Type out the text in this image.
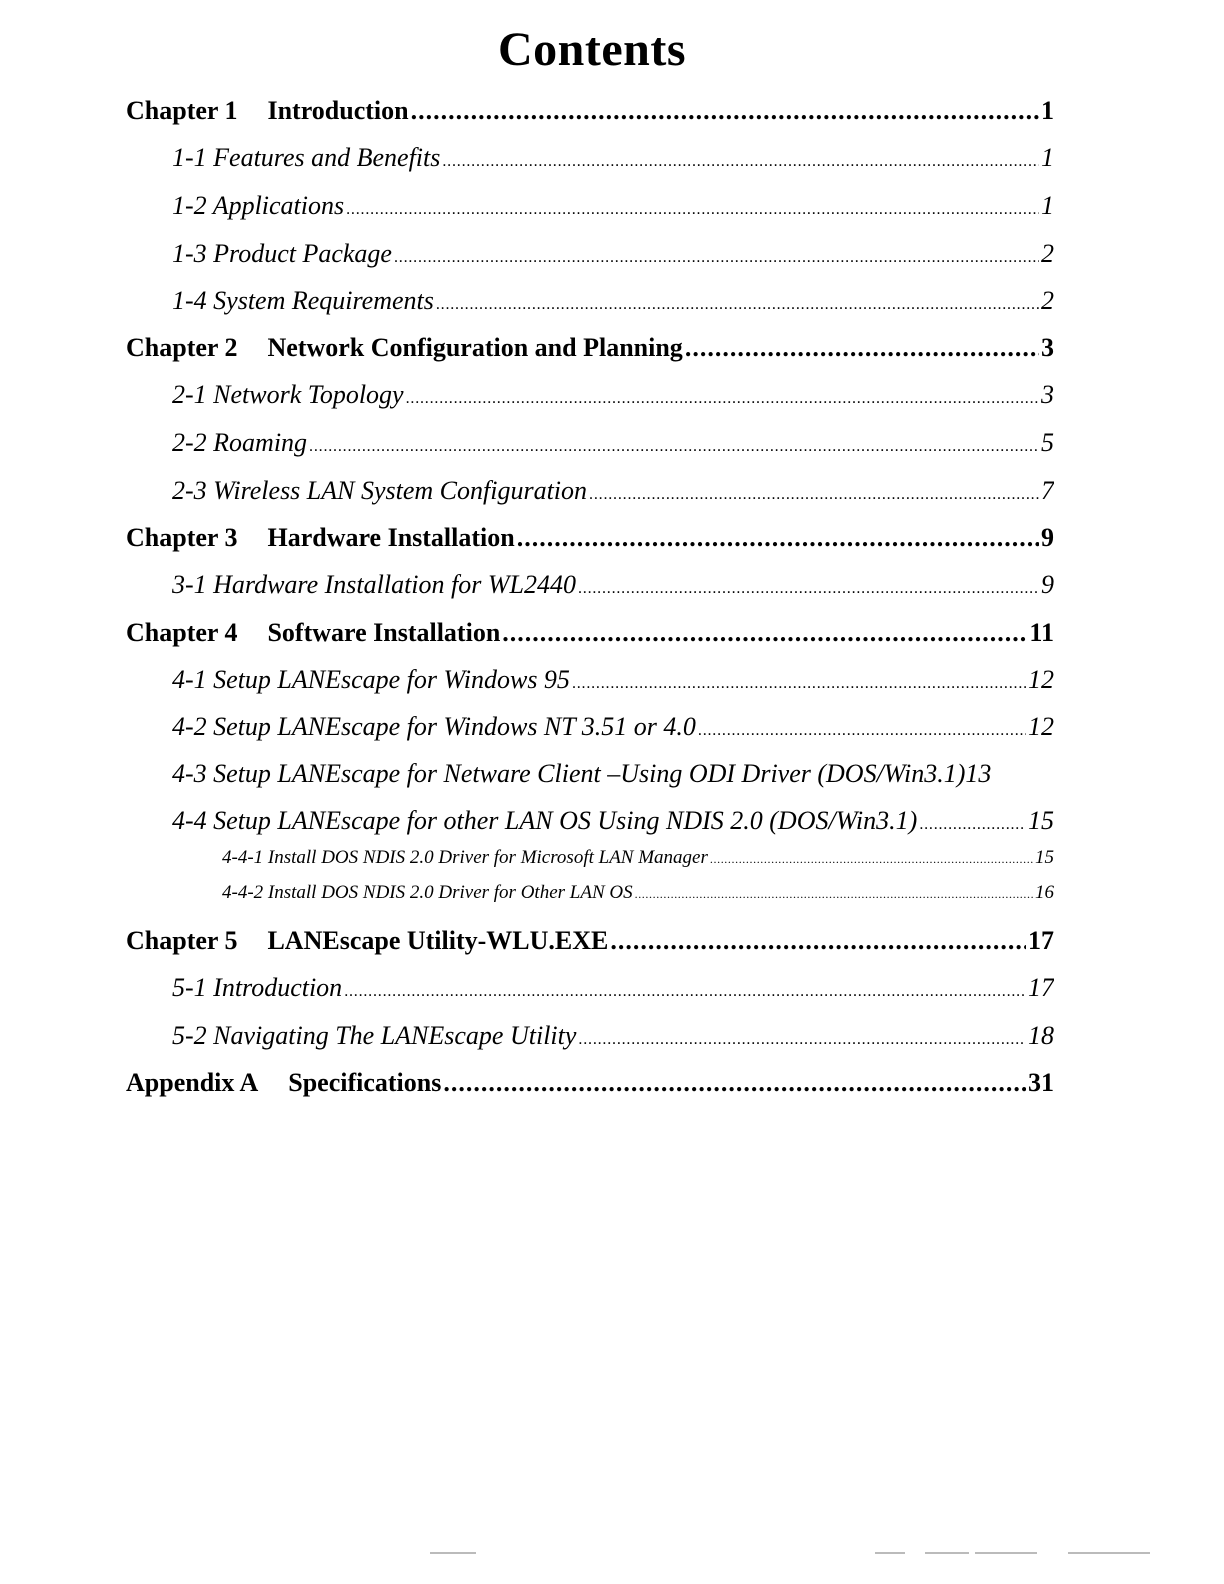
Contents
Chapter 1 Introduction .....	1
1-1 Features and Benefits .....	1
1-2 Applications .....	1
1-3 Product Package .....	2
1-4 System Requirements .....	2
Chapter 2 Network Configuration and Planning .....	3
2-1 Network Topology .....	3
2-2 Roaming .....	5
2-3 Wireless LAN System Configuration .....	7
Chapter 3 Hardware Installation .....	9
3-1 Hardware Installation for WL2440 .....	9
Chapter 4 Software Installation .....	11
4-1 Setup LANEscape for Windows 95 .....	12
4-2 Setup LANEscape for Windows NT 3.51 or 4.0 .....	12
4-3 Setup LANEscape for Netware Client –Using ODI Driver (DOS/Win3.1) 13
4-4 Setup LANEscape for other LAN OS Using NDIS 2.0 (DOS/Win3.1) .....	15
4-4-1 Install DOS NDIS 2.0 Driver for Microsoft LAN Manager .....	15
4-4-2 Install DOS NDIS 2.0 Driver for Other LAN OS .....	16
Chapter 5 LANEscape Utility-WLU.EXE .....	17
5-1 Introduction .....	17
5-2 Navigating The LANEscape Utility .....	18
Appendix A Specifications .....	31
